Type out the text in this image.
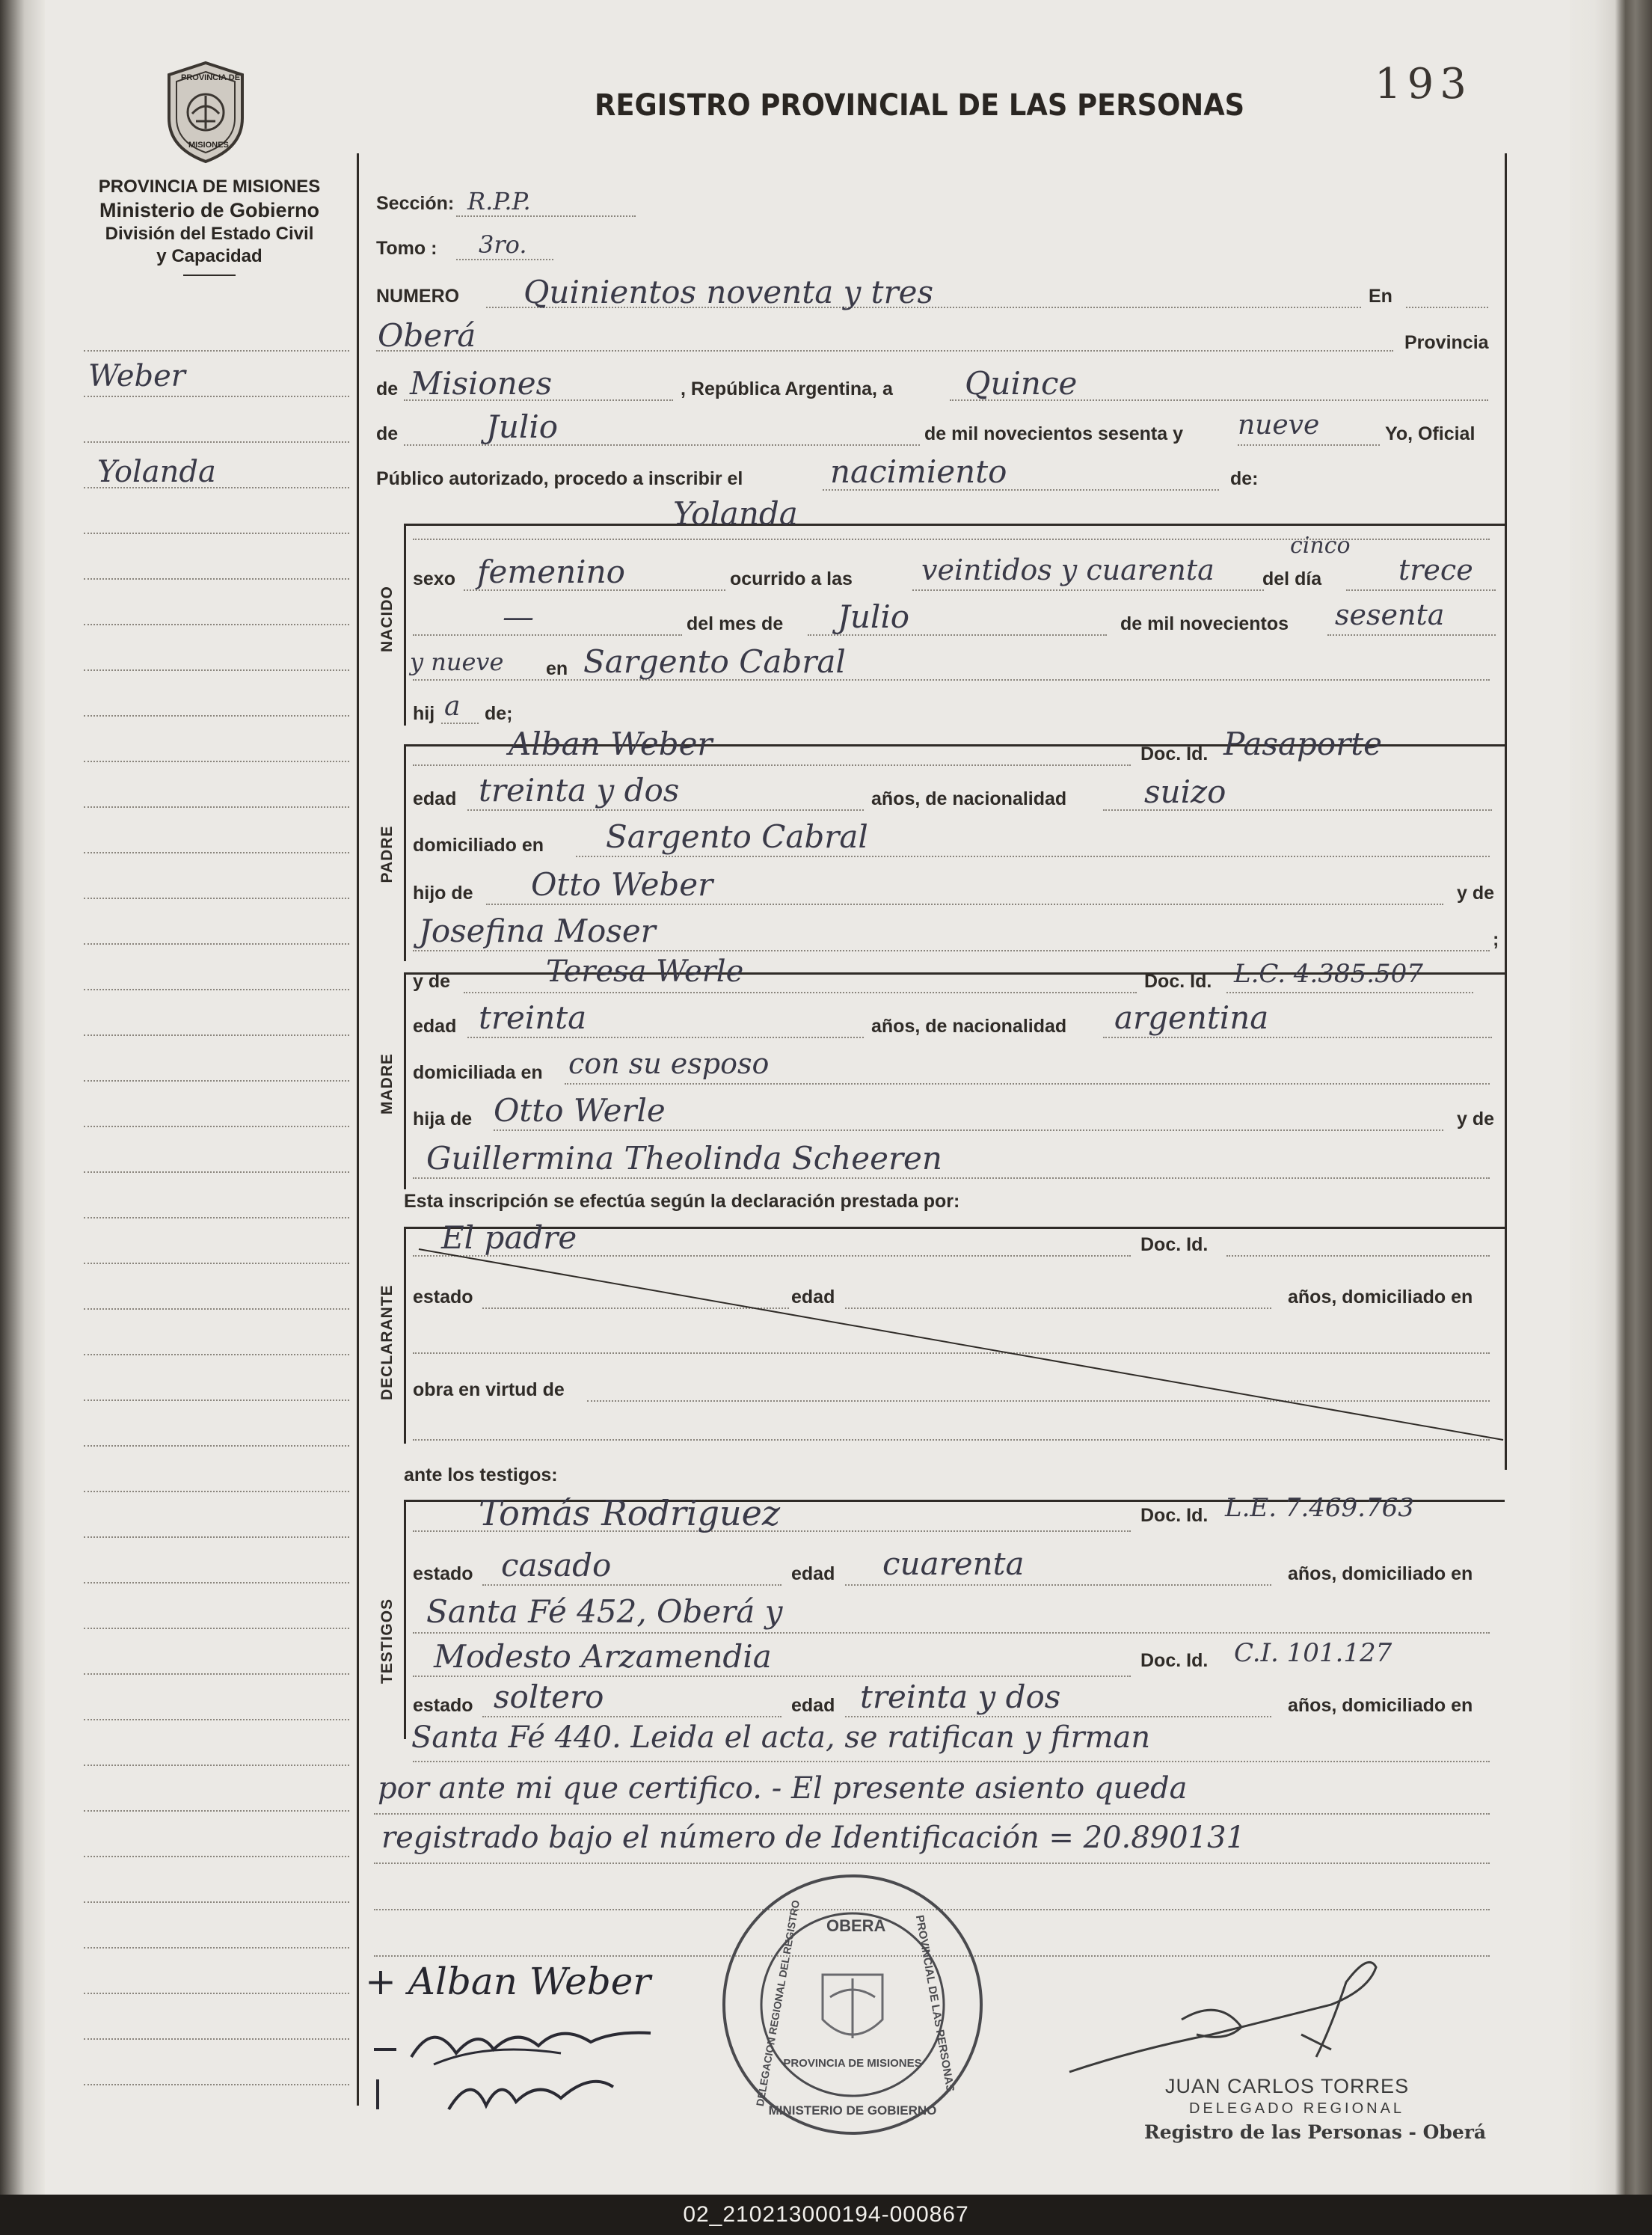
PROVINCIA DE
MISIONES
193
REGISTRO PROVINCIAL DE LAS PERSONAS
PROVINCIA DE MISIONES
Ministerio de Gobierno
División del Estado Civil
y Capacidad
Weber
Yolanda
Sección: R.P.P.
Tomo : 3ro.
NUMERO Quinientos noventa y tres	En
Oberá	Provincia
de Misiones	, República Argentina, a Quince
de	Julio	de mil novecientos sesenta y nueve	Yo, Oficial
Público autorizado, procedo a inscribir el	nacimiento	de:
NACIDO
Yolanda
sexo femenino	ocurrido a las veintidos y cuarenta
cinco
del día	trece
—	del mes de Julio	de mil novecientos sesenta
y nueve en Sargento Cabral
hij a de;
PADRE
Alban Weber	Doc. Id. Pasaporte
edad treinta y dos	años, de nacionalidad suizo
domiciliado en Sargento Cabral
hijo de Otto Weber	y de
Josefina Moser	;
MADRE
y de	Teresa Werle	Doc. Id. L.C. 4.385.507
edad treinta	años, de nacionalidad argentina
domiciliada en con su esposo
hija de Otto Werle	y de
Guillermina Theolinda Scheeren
Esta inscripción se efectúa según la declaración prestada por:
DECLARANTE
El padre	Doc. Id.
estado	edad	años, domiciliado en
obra en virtud de
ante los testigos:
TESTIGOS
Tomás Rodriguez	Doc. Id. L.E. 7.469.763
estado casado	edad cuarenta	años, domiciliado en
Santa Fé 452, Oberá y
Modesto Arzamendia	Doc. Id. C.I. 101.127
estado soltero	edad treinta y dos	años, domiciliado en
Santa Fé 440. Leida el acta, se ratifican y firman
por ante mi que certifico. - El presente asiento queda
registrado bajo el número de Identificación = 20.890131
+ Alban Weber
OBERA
DELEGACION REGIONAL DEL REGISTRO	PROVINCIAL DE LAS PERSONAS
PROVINCIA DE MISIONES
MINISTERIO DE GOBIERNO
JUAN CARLOS TORRES
DELEGADO REGIONAL
Registro de las Personas - Oberá
02_210213000194-000867
